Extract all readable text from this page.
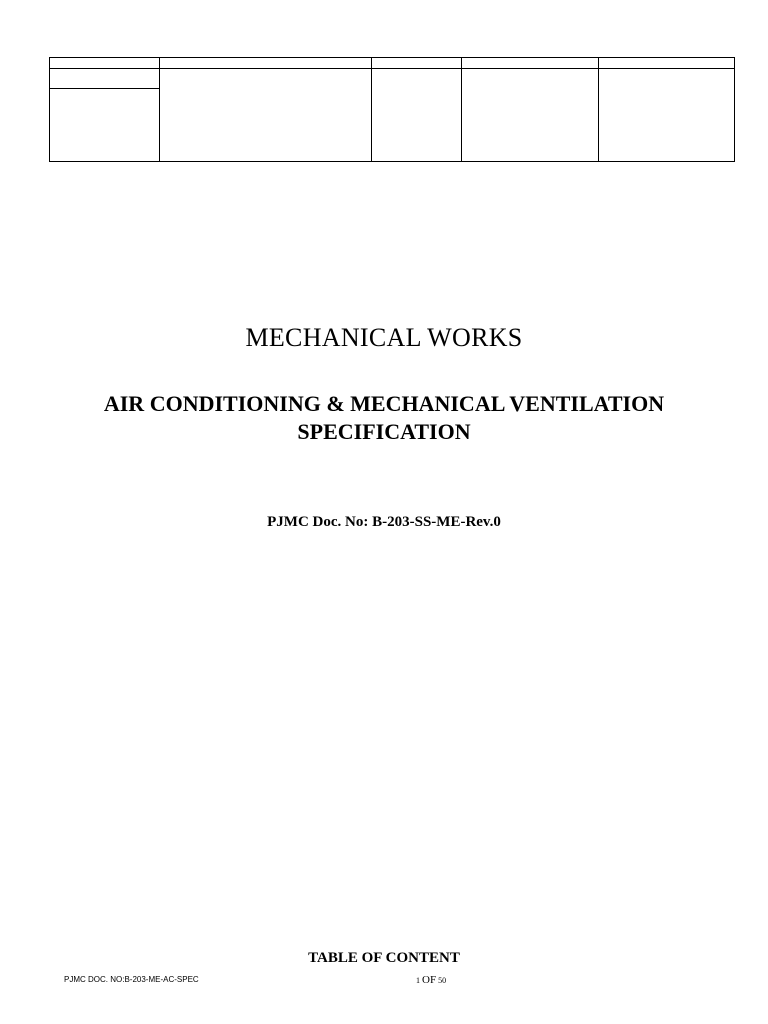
MECHANICAL WORKS
AIR CONDITIONING & MECHANICAL VENTILATION
SPECIFICATION
PJMC Doc. No: B-203-SS-ME-Rev.0
TABLE OF CONTENT
PJMC DOC. NO:B-203-ME-AC-SPEC	1 OF 50
